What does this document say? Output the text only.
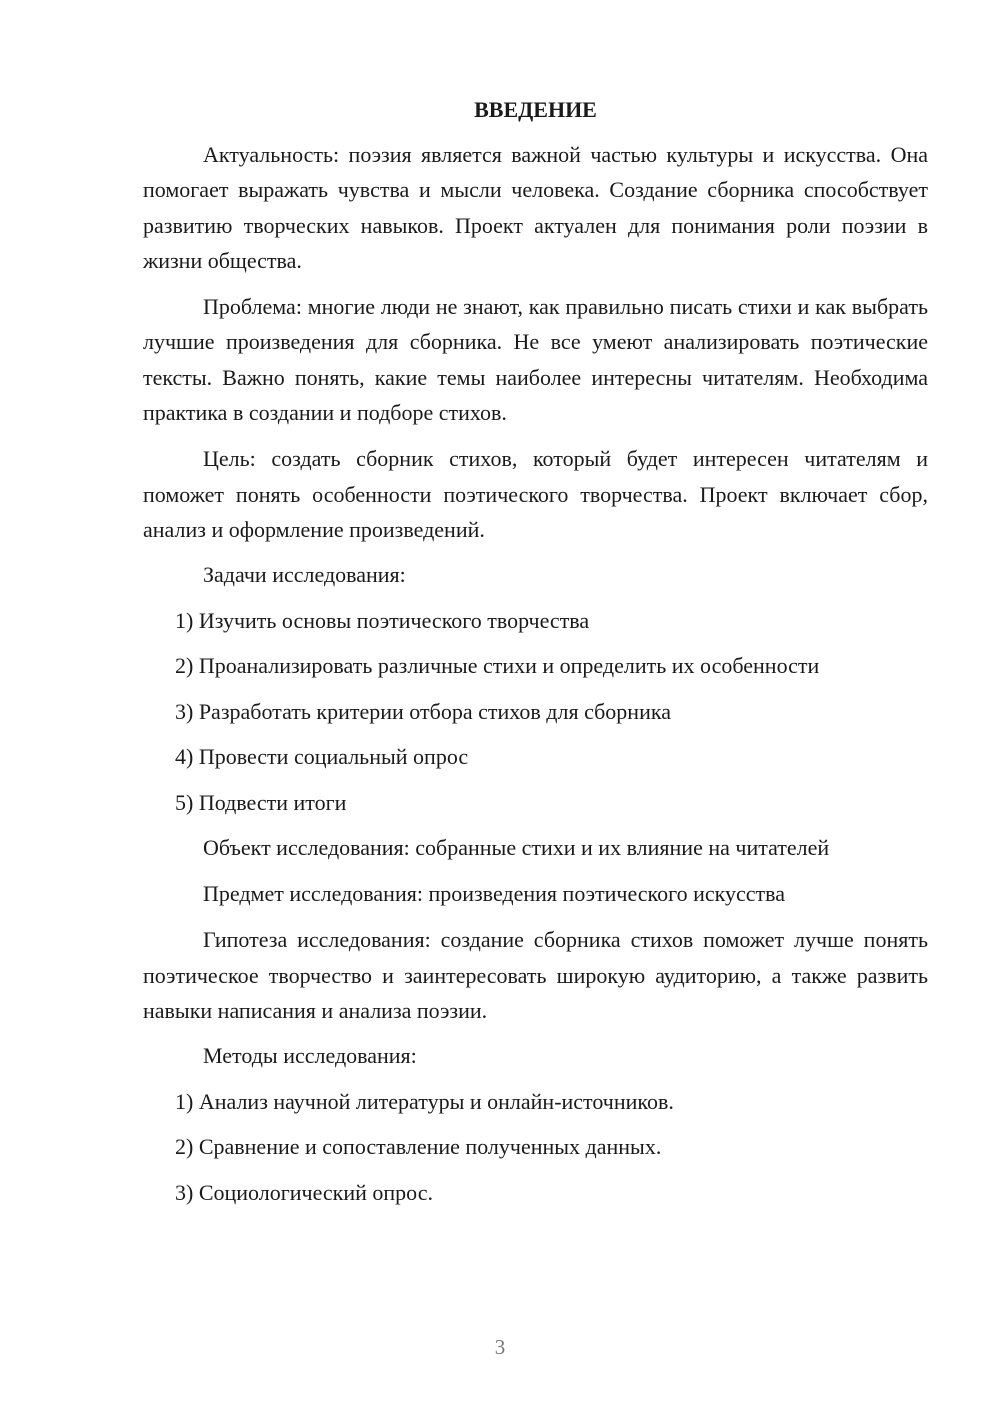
ВВЕДЕНИЕ

Актуальность: поэзия является важной частью культуры и искусства. Она помогает выражать чувства и мысли человека. Создание сборника способствует развитию творческих навыков. Проект актуален для понимания роли поэзии в жизни общества.

Проблема: многие люди не знают, как правильно писать стихи и как выбрать лучшие произведения для сборника. Не все умеют анализировать поэтические тексты. Важно понять, какие темы наиболее интересны читателям. Необходима практика в создании и подборе стихов.

Цель: создать сборник стихов, который будет интересен читателям и поможет понять особенности поэтического творчества. Проект включает сбор, анализ и оформление произведений.

Задачи исследования:
1) Изучить основы поэтического творчества
2) Проанализировать различные стихи и определить их особенности
3) Разработать критерии отбора стихов для сборника
4) Провести социальный опрос
5) Подвести итоги
Объект исследования: собранные стихи и их влияние на читателей
Предмет исследования: произведения поэтического искусства

Гипотеза исследования: создание сборника стихов поможет лучше понять поэтическое творчество и заинтересовать широкую аудиторию, а также развить навыки написания и анализа поэзии.

Методы исследования:
1) Анализ научной литературы и онлайн-источников.
2) Сравнение и сопоставление полученных данных.
3) Социологический опрос.
3
